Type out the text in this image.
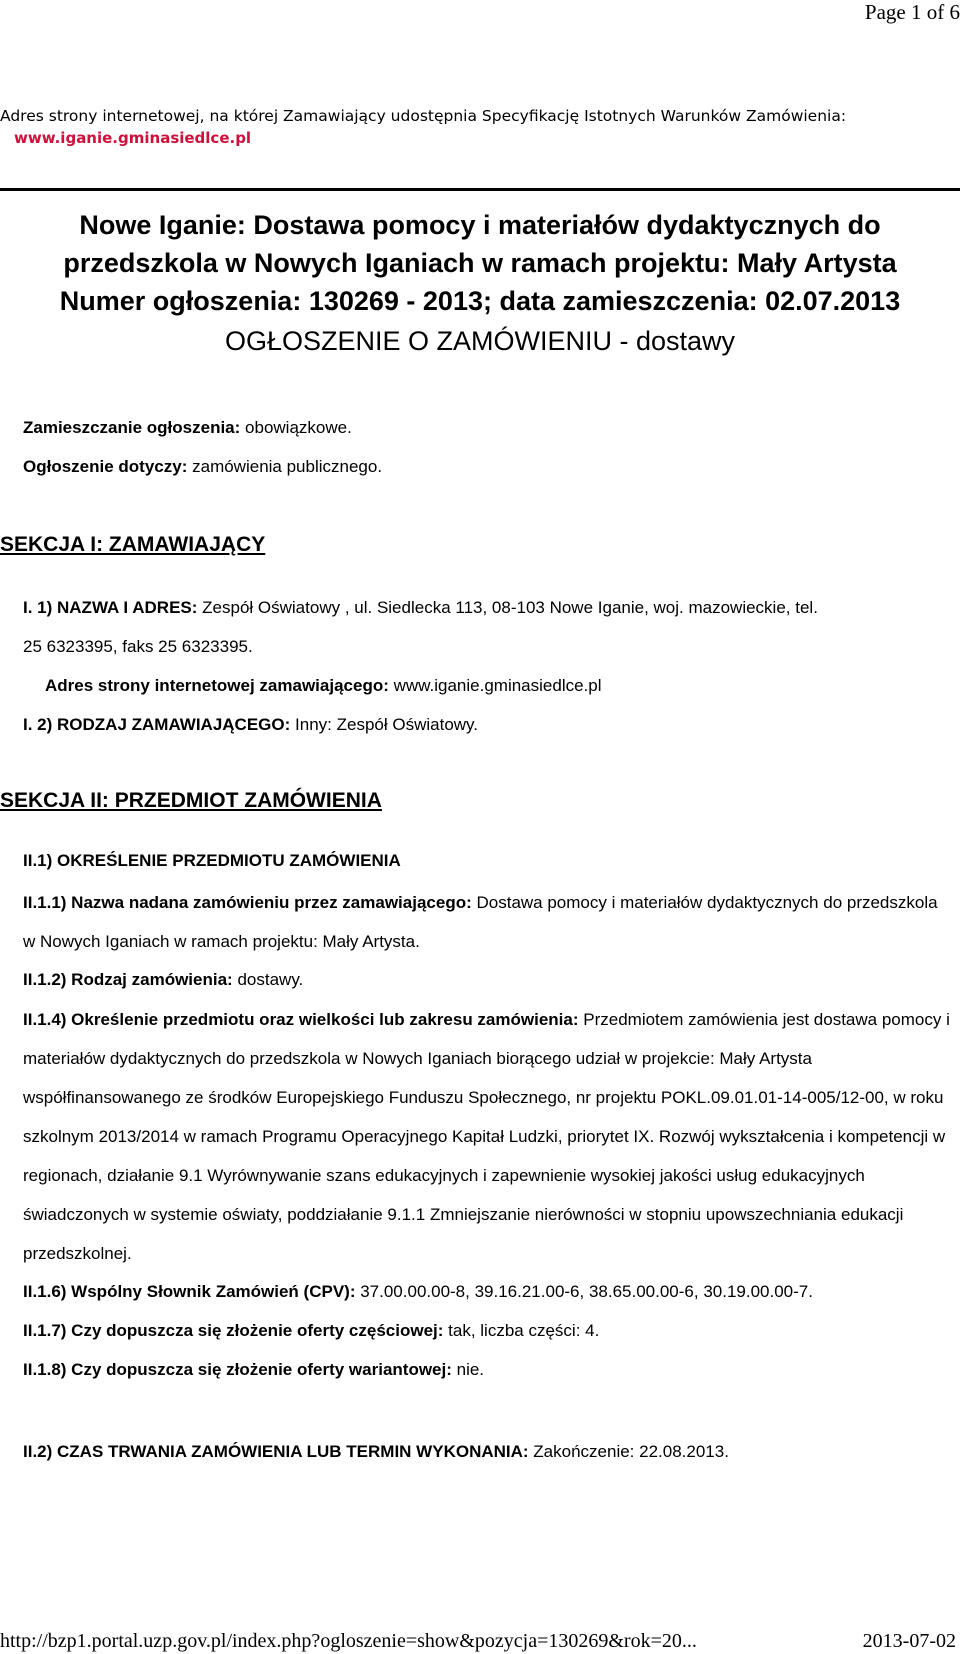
Page 1 of 6
Adres strony internetowej, na której Zamawiający udostępnia Specyfikację Istotnych Warunków Zamówienia:
www.iganie.gminasiedlce.pl
Nowe Iganie: Dostawa pomocy i materiałów dydaktycznych do
przedszkola w Nowych Iganiach w ramach projektu: Mały Artysta
Numer ogłoszenia: 130269 - 2013; data zamieszczenia: 02.07.2013
OGŁOSZENIE O ZAMÓWIENIU - dostawy
Zamieszczanie ogłoszenia: obowiązkowe.
Ogłoszenie dotyczy: zamówienia publicznego.
SEKCJA I: ZAMAWIAJĄCY
I. 1) NAZWA I ADRES: Zespół Oświatowy , ul. Siedlecka 113, 08-103 Nowe Iganie, woj. mazowieckie, tel.
25 6323395, faks 25 6323395.
Adres strony internetowej zamawiającego: www.iganie.gminasiedlce.pl
I. 2) RODZAJ ZAMAWIAJĄCEGO: Inny: Zespół Oświatowy.
SEKCJA II: PRZEDMIOT ZAMÓWIENIA
II.1) OKREŚLENIE PRZEDMIOTU ZAMÓWIENIA
II.1.1) Nazwa nadana zamówieniu przez zamawiającego: Dostawa pomocy i materiałów dydaktycznych do przedszkola w Nowych Iganiach w ramach projektu: Mały Artysta.
II.1.2) Rodzaj zamówienia: dostawy.
II.1.4) Określenie przedmiotu oraz wielkości lub zakresu zamówienia: Przedmiotem zamówienia jest dostawa pomocy i materiałów dydaktycznych do przedszkola w Nowych Iganiach biorącego udział w projekcie: Mały Artysta współfinansowanego ze środków Europejskiego Funduszu Społecznego, nr projektu POKL.09.01.01-14-005/12-00, w roku szkolnym 2013/2014 w ramach Programu Operacyjnego Kapitał Ludzki, priorytet IX. Rozwój wykształcenia i kompetencji w regionach, działanie 9.1 Wyrównywanie szans edukacyjnych i zapewnienie wysokiej jakości usług edukacyjnych świadczonych w systemie oświaty, poddziałanie 9.1.1 Zmniejszanie nierówności w stopniu upowszechniania edukacji przedszkolnej.
II.1.6) Wspólny Słownik Zamówień (CPV): 37.00.00.00-8, 39.16.21.00-6, 38.65.00.00-6, 30.19.00.00-7.
II.1.7) Czy dopuszcza się złożenie oferty częściowej: tak, liczba części: 4.
II.1.8) Czy dopuszcza się złożenie oferty wariantowej: nie.
II.2) CZAS TRWANIA ZAMÓWIENIA LUB TERMIN WYKONANIA: Zakończenie: 22.08.2013.
http://bzp1.portal.uzp.gov.pl/index.php?ogloszenie=show&pozycja=130269&rok=20...	2013-07-02
